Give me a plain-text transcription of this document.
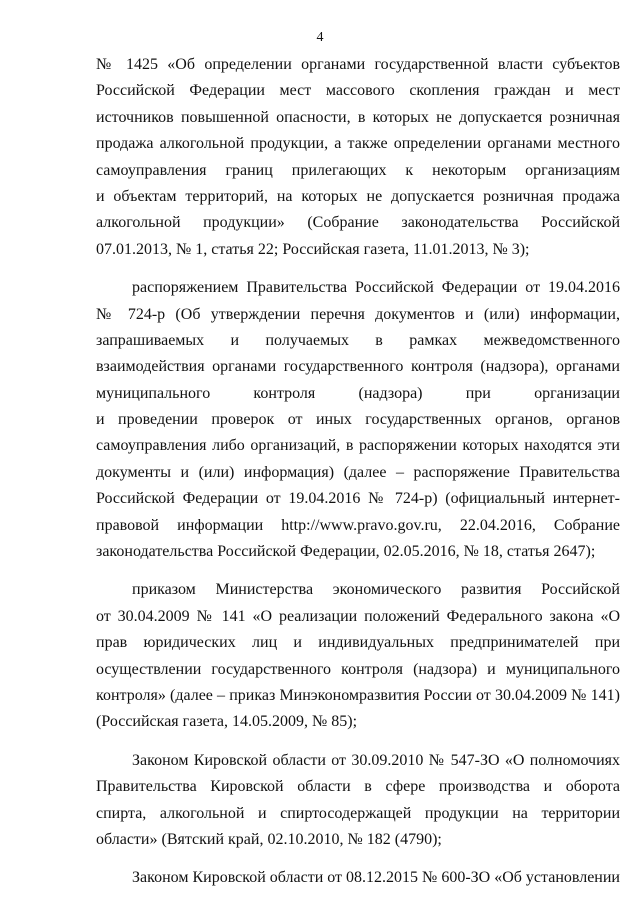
4
№ 1425 «Об определении органами государственной власти субъектов
Российской Федерации мест массового скопления граждан и мест
источников повышенной опасности, в которых не допускается розничная
продажа алкогольной продукции, а также определении органами местного
самоуправления границ прилегающих к некоторым организациям
и объектам территорий, на которых не допускается розничная продажа
алкогольной продукции» (Собрание законодательства Российской
07.01.2013, № 1, статья 22; Российская газета, 11.01.2013, № 3);
распоряжением Правительства Российской Федерации от 19.04.2016
№ 724-р (Об утверждении перечня документов и (или) информации,
запрашиваемых и получаемых в рамках межведомственного
взаимодействия органами государственного контроля (надзора), органами
муниципального контроля (надзора) при организации
и проведении проверок от иных государственных органов, органов
самоуправления либо организаций, в распоряжении которых находятся эти
документы и (или) информация) (далее – распоряжение Правительства
Российской Федерации от 19.04.2016 № 724-р) (официальный интернет-
правовой информации http://www.pravo.gov.ru, 22.04.2016, Собрание
законодательства Российской Федерации, 02.05.2016, № 18, статья 2647);
приказом Министерства экономического развития Российской
от 30.04.2009 № 141 «О реализации положений Федерального закона «О
прав юридических лиц и индивидуальных предпринимателей при
осуществлении государственного контроля (надзора) и муниципального
контроля» (далее – приказ Минэкономразвития России от 30.04.2009 № 141)
(Российская газета, 14.05.2009, № 85);
Законом Кировской области от 30.09.2010 № 547-ЗО «О полномочиях
Правительства Кировской области в сфере производства и оборота
спирта, алкогольной и спиртосодержащей продукции на территории
области» (Вятский край, 02.10.2010, № 182 (4790);
Законом Кировской области от 08.12.2015 № 600-ЗО «Об установлении
